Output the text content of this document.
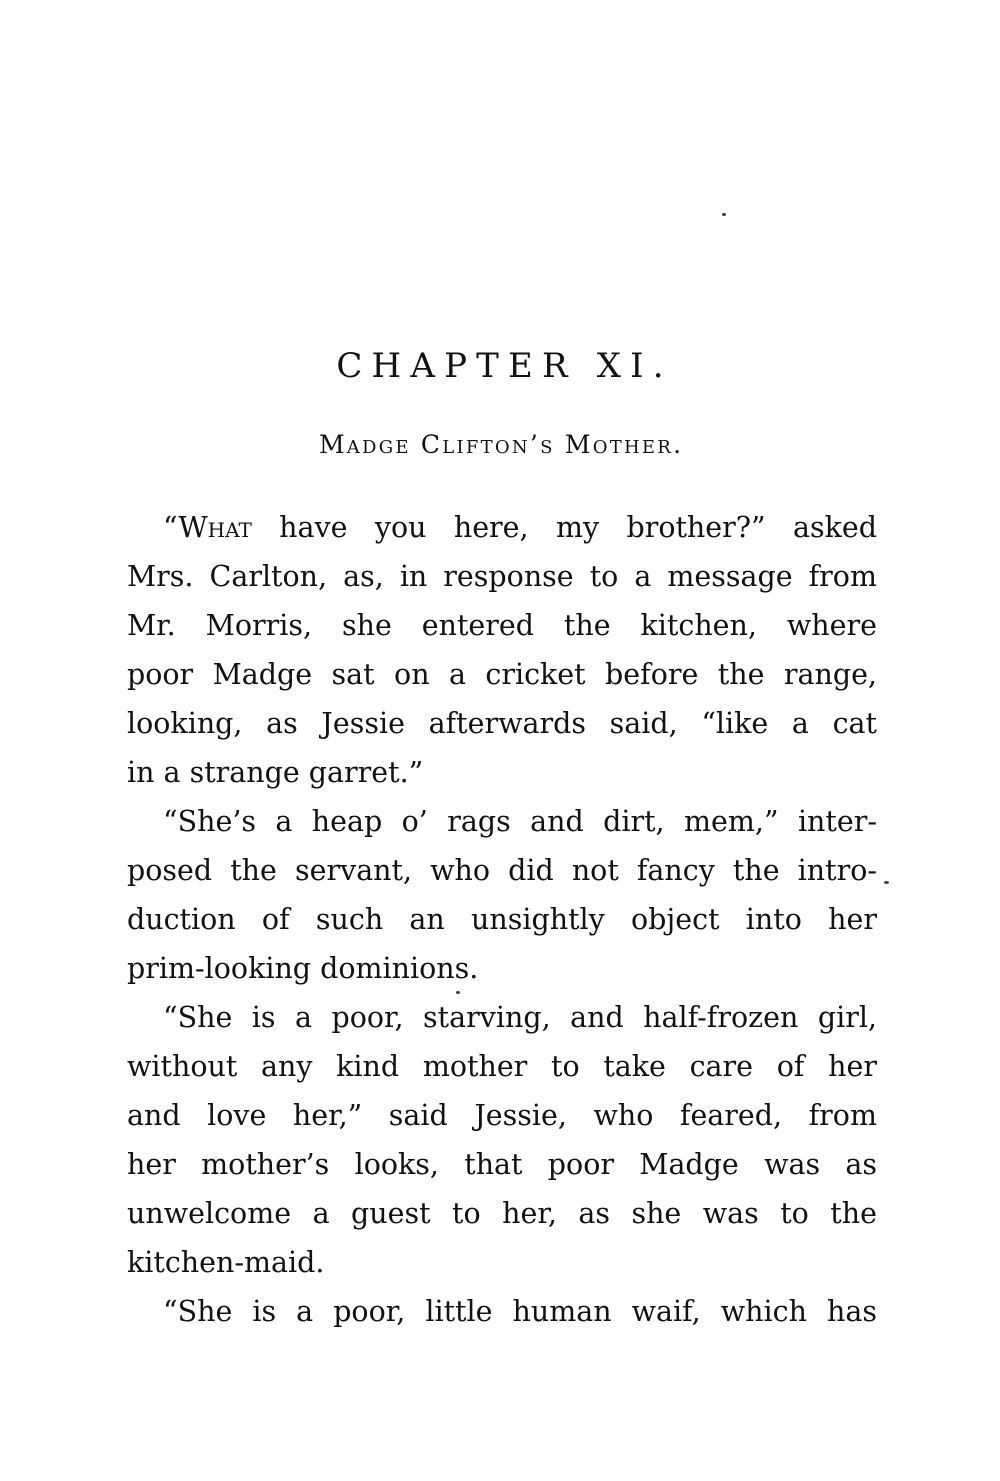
CHAPTER XI.
Madge Clifton’s Mother.
“What have you here, my brother?” asked
Mrs. Carlton, as, in response to a message from
Mr. Morris, she entered the kitchen, where
poor Madge sat on a cricket before the range,
looking, as Jessie afterwards said, “like a cat
in a strange garret.”
“She’s a heap o’ rags and dirt, mem,” inter-
posed the servant, who did not fancy the intro-
duction of such an unsightly object into her
prim-looking dominions.
“She is a poor, starving, and half-frozen girl,
without any kind mother to take care of her
and love her,” said Jessie, who feared, from
her mother’s looks, that poor Madge was as
unwelcome a guest to her, as she was to the
kitchen-maid.
“She is a poor, little human waif, which has
